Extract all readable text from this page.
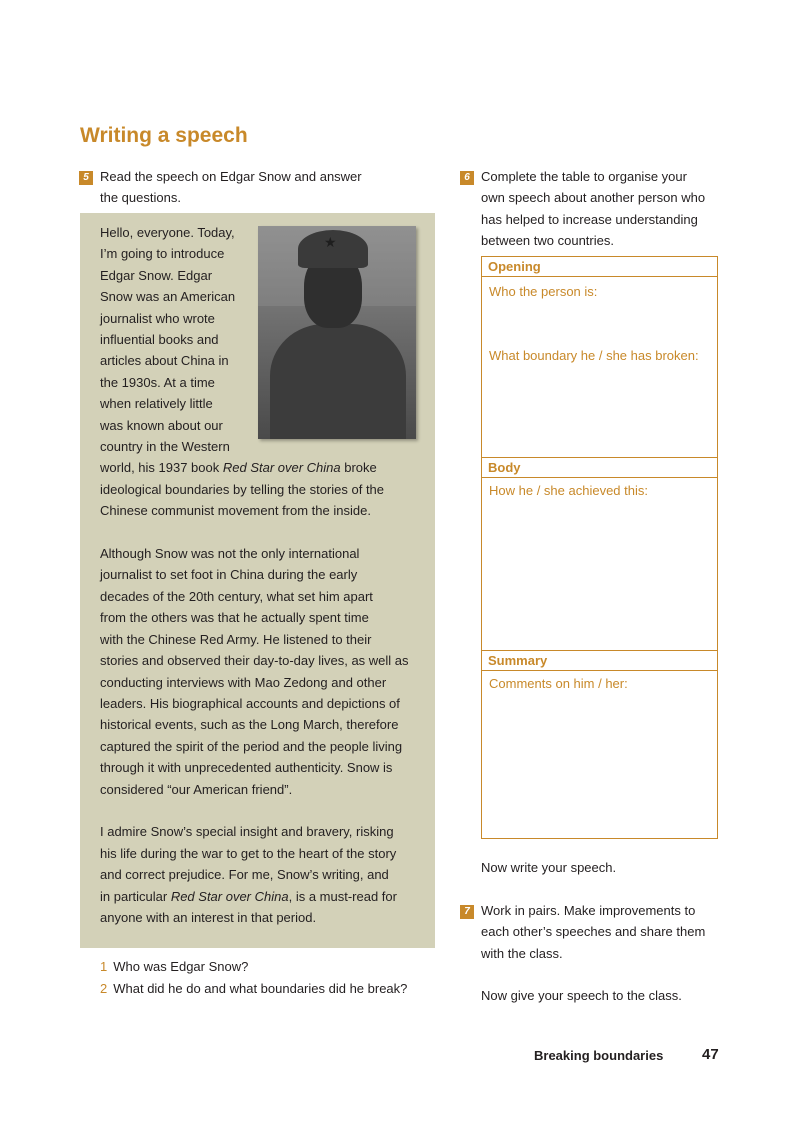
Writing a speech
5 Read the speech on Edgar Snow and answer
the questions.
★

Hello, everyone. Today,
I’m going to introduce
Edgar Snow. Edgar
Snow was an American
journalist who wrote
influential books and
articles about China in
the 1930s. At a time
when relatively little
was known about our
country in the Western
world, his 1937 book Red Star over China broke
ideological boundaries by telling the stories of the
Chinese communist movement from the inside.

Although Snow was not the only international
journalist to set foot in China during the early
decades of the 20th century, what set him apart
from the others was that he actually spent time
with the Chinese Red Army. He listened to their
stories and observed their day-to-day lives, as well as
conducting interviews with Mao Zedong and other
leaders. His biographical accounts and depictions of
historical events, such as the Long March, therefore
captured the spirit of the period and the people living
through it with unprecedented authenticity. Snow is
considered “our American friend”.

I admire Snow’s special insight and bravery, risking
his life during the war to get to the heart of the story
and correct prejudice. For me, Snow’s writing, and
in particular Red Star over China, is a must-read for
anyone with an interest in that period.

1 Who was Edgar Snow?
2 What did he do and what boundaries did he break?
6 Complete the table to organise your
own speech about another person who
has helped to increase understanding
between two countries.
Opening
Who the person is:
What boundary he / she has broken:
Body
How he / she achieved this:
Summary
Comments on him / her:

Now write your speech.

7 Work in pairs. Make improvements to
each other’s speeches and share them
with the class.

Now give your speech to the class.

Breaking boundaries	47
